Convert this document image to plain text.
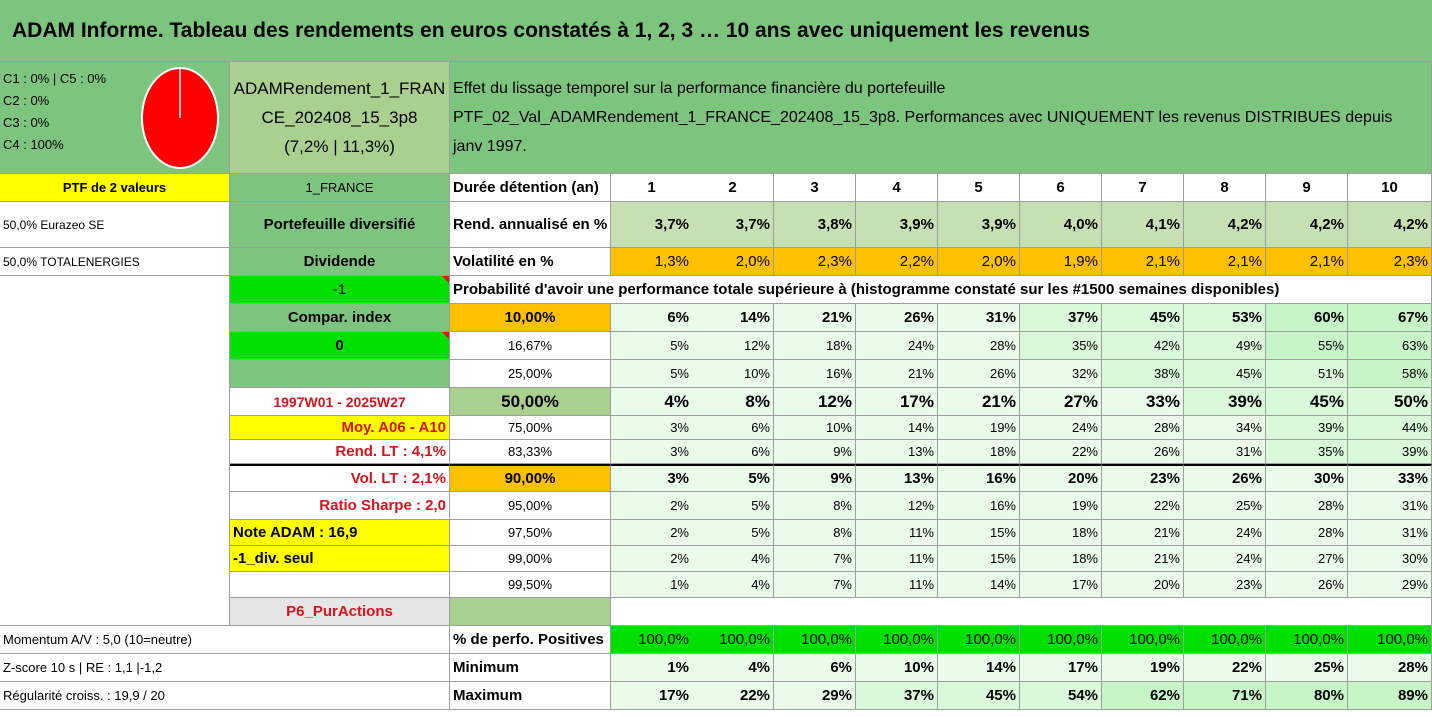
ADAM Informe. Tableau des rendements en euros constatés à 1, 2, 3 … 10 ans avec uniquement les revenus
C1 : 0% | C5 : 0%
C2 : 0%
C3 : 0%
C4 : 100%
ADAMRendement_1_FRAN
CE_202408_15_3p8
(7,2% | 11,3%)
Effet du lissage temporel sur la performance financière du portefeuille
PTF_02_Val_ADAMRendement_1_FRANCE_202408_15_3p8. Performances avec UNIQUEMENT les revenus DISTRIBUES depuis
janv 1997.
PTF de 2 valeurs
50,0% Eurazeo SE
50,0% TOTALENERGIES
Momentum A/V : 5,0 (10=neutre)
Z-score 10 s | RE : 1,1 |-1,2
Régularité croiss. : 19,9 / 20
1_FRANCE
Portefeuille diversifié
Dividende
-1
Compar. index
0
1997W01 - 2025W27
Moy. A06 - A10
Rend. LT : 4,1%
Vol. LT : 2,1%
Ratio Sharpe : 2,0
Note ADAM : 16,9
-1_div. seul
P6_PurActions
Durée détention (an)	1	2	3	4	5	6	7	8	9	10
Rend. annualisé en %	3,7%	3,7%	3,8%	3,9%	3,9%	4,0%	4,1%	4,2%	4,2%	4,2%
Volatilité en %	1,3%	2,0%	2,3%	2,2%	2,0%	1,9%	2,1%	2,1%	2,1%	2,3%
Probabilité d'avoir une performance totale supérieure à (histogramme constaté sur les #1500 semaines disponibles)
10,00%	6%	14%	21%	26%	31%	37%	45%	53%	60%	67%
16,67%	5%	12%	18%	24%	28%	35%	42%	49%	55%	63%
25,00%	5%	10%	16%	21%	26%	32%	38%	45%	51%	58%
50,00%	4%	8%	12%	17%	21%	27%	33%	39%	45%	50%
75,00%	3%	6%	10%	14%	19%	24%	28%	34%	39%	44%
83,33%	3%	6%	9%	13%	18%	22%	26%	31%	35%	39%
90,00%	3%	5%	9%	13%	16%	20%	23%	26%	30%	33%
95,00%	2%	5%	8%	12%	16%	19%	22%	25%	28%	31%
97,50%	2%	5%	8%	11%	15%	18%	21%	24%	28%	31%
99,00%	2%	4%	7%	11%	15%	18%	21%	24%	27%	30%
99,50%	1%	4%	7%	11%	14%	17%	20%	23%	26%	29%
% de perfo. Positives	100,0%	100,0%	100,0%	100,0%	100,0%	100,0%	100,0%	100,0%	100,0%	100,0%
Minimum	1%	4%	6%	10%	14%	17%	19%	22%	25%	28%
Maximum	17%	22%	29%	37%	45%	54%	62%	71%	80%	89%
